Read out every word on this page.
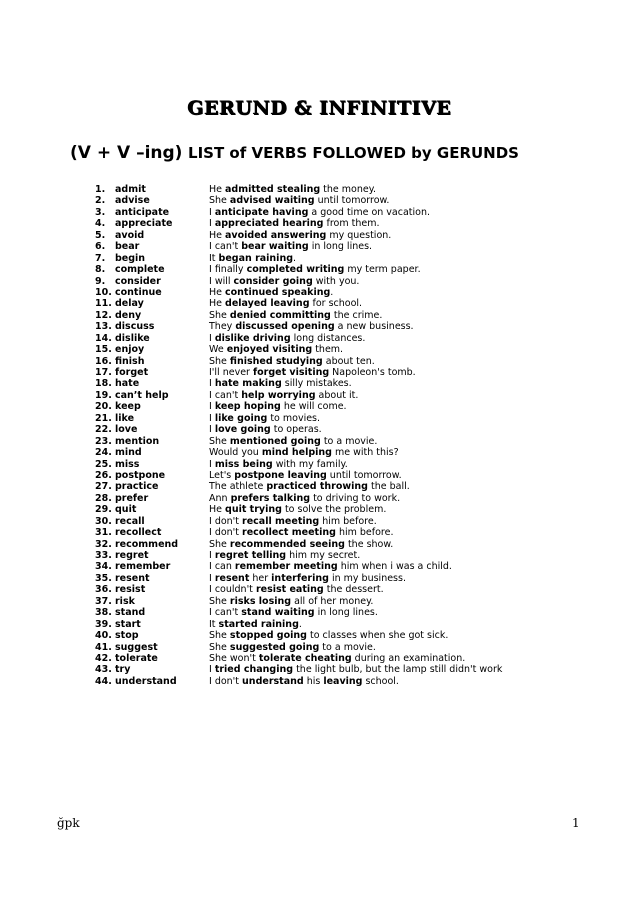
GERUND & INFINITIVE
(V + V –ing) LIST of VERBS FOLLOWED by GERUNDS
1.	admit	He admitted stealing the money.
2.	advise	She advised waiting until tomorrow.
3.	anticipate	I anticipate having a good time on vacation.
4.	appreciate	I appreciated hearing from them.
5.	avoid	He avoided answering my question.
6.	bear	I can't bear waiting in long lines.
7.	begin	It began raining.
8.	complete	I finally completed writing my term paper.
9.	consider	I will consider going with you.
10. continue	He continued speaking.
11. delay	He delayed leaving for school.
12. deny	She denied committing the crime.
13. discuss	They discussed opening a new business.
14. dislike	I dislike driving long distances.
15. enjoy	We enjoyed visiting them.
16. finish	She finished studying about ten.
17. forget	I'll never forget visiting Napoleon's tomb.
18. hate	I hate making silly mistakes.
19. can’t help	I can't help worrying about it.
20. keep	I keep hoping he will come.
21. like	I like going to movies.
22. love	I love going to operas.
23. mention	She mentioned going to a movie.
24. mind	Would you mind helping me with this?
25. miss	I miss being with my family.
26. postpone	Let's postpone leaving until tomorrow.
27. practice	The athlete practiced throwing the ball.
28. prefer	Ann prefers talking to driving to work.
29. quit	He quit trying to solve the problem.
30. recall	I don't recall meeting him before.
31. recollect	I don't recollect meeting him before.
32. recommend	She recommended seeing the show.
33. regret	I regret telling him my secret.
34. remember	I can remember meeting him when i was a child.
35. resent	I resent her interfering in my business.
36. resist	I couldn't resist eating the dessert.
37. risk	She risks losing all of her money.
38. stand	I can't stand waiting in long lines.
39. start	It started raining.
40. stop	She stopped going to classes when she got sick.
41. suggest	She suggested going to a movie.
42. tolerate	She won't tolerate cheating during an examination.
43. try	I tried changing the light bulb, but the lamp still didn't work
44. understand	I don't understand his leaving school.
ğpk	1
